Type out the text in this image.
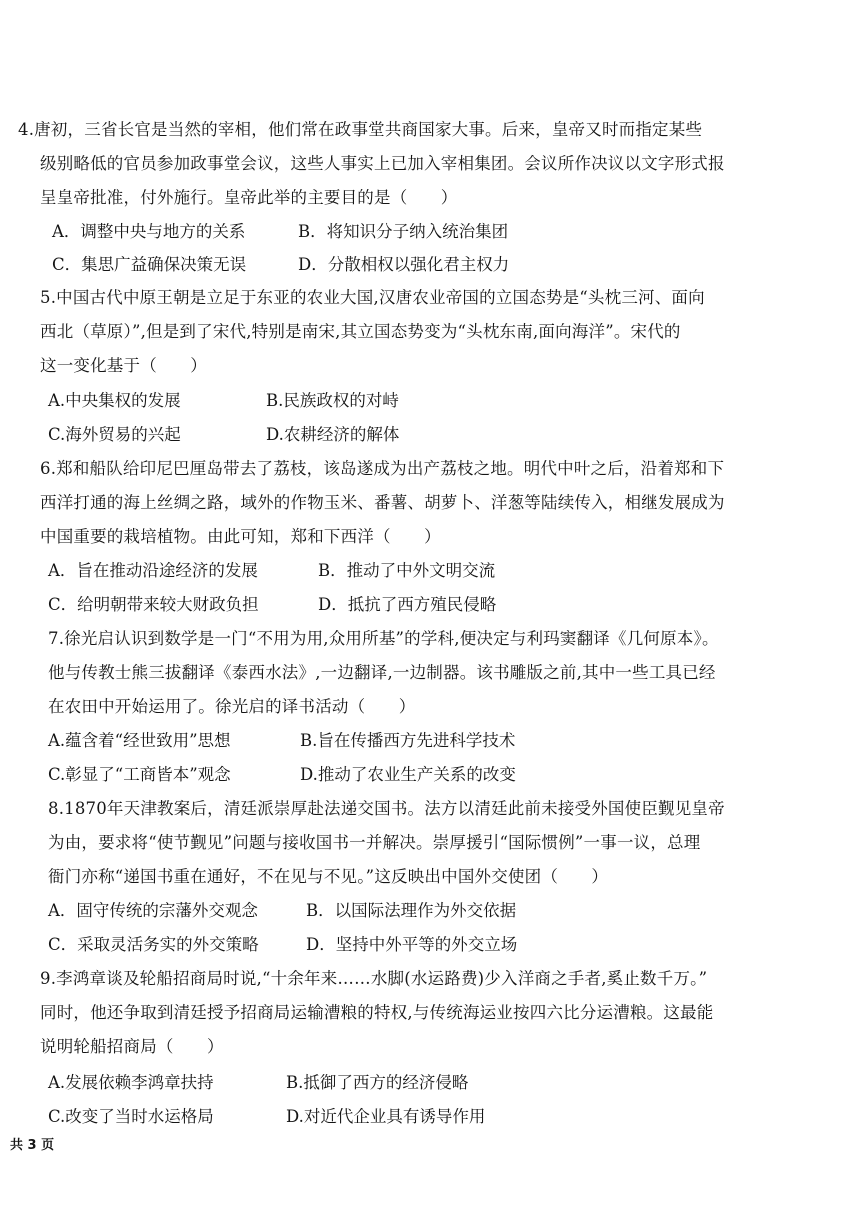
4.唐初，三省长官是当然的宰相，他们常在政事堂共商国家大事。后来，皇帝又时而指定某些
级别略低的官员参加政事堂会议，这些人事实上已加入宰相集团。会议所作决议以文字形式报
呈皇帝批准，付外施行。皇帝此举的主要目的是（　　）
A．调整中央与地方的关系	B．将知识分子纳入统治集团
C．集思广益确保决策无误	D．分散相权以强化君主权力
5.中国古代中原王朝是立足于东亚的农业大国,汉唐农业帝国的立国态势是“头枕三河、面向
西北（草原）”,但是到了宋代,特别是南宋,其立国态势变为“头枕东南,面向海洋”。宋代的
这一变化基于（　　）
A.中央集权的发展	B.民族政权的对峙
C.海外贸易的兴起	D.农耕经济的解体
6.郑和船队给印尼巴厘岛带去了荔枝，该岛遂成为出产荔枝之地。明代中叶之后，沿着郑和下
西洋打通的海上丝绸之路，域外的作物玉米、番薯、胡萝卜、洋葱等陆续传入，相继发展成为
中国重要的栽培植物。由此可知，郑和下西洋（　　）
A．旨在推动沿途经济的发展	B．推动了中外文明交流
C．给明朝带来较大财政负担	D．抵抗了西方殖民侵略
7.徐光启认识到数学是一门“不用为用,众用所基”的学科,便决定与利玛窦翻译《几何原本》。
他与传教士熊三拔翻译《泰西水法》,一边翻译,一边制器。该书雕版之前,其中一些工具已经
在农田中开始运用了。徐光启的译书活动（　　）
A.蕴含着“经世致用”思想	B.旨在传播西方先进科学技术
C.彰显了“工商皆本”观念	D.推动了农业生产关系的改变
8.1870年天津教案后，清廷派崇厚赴法递交国书。法方以清廷此前未接受外国使臣觐见皇帝
为由，要求将“使节觐见”问题与接收国书一并解决。崇厚援引“国际惯例”一事一议，总理
衙门亦称“递国书重在通好，不在见与不见。”这反映出中国外交使团（　　）
A．固守传统的宗藩外交观念	B．以国际法理作为外交依据
C．采取灵活务实的外交策略	D．坚持中外平等的外交立场
9.李鸿章谈及轮船招商局时说,“十余年来……水脚(水运路费)少入洋商之手者,奚止数千万。”
同时，他还争取到清廷授予招商局运输漕粮的特权,与传统海运业按四六比分运漕粮。这最能
说明轮船招商局（　　）
A.发展依赖李鸿章扶持	B.抵御了西方的经济侵略
C.改变了当时水运格局	D.对近代企业具有诱导作用
共 3 页
